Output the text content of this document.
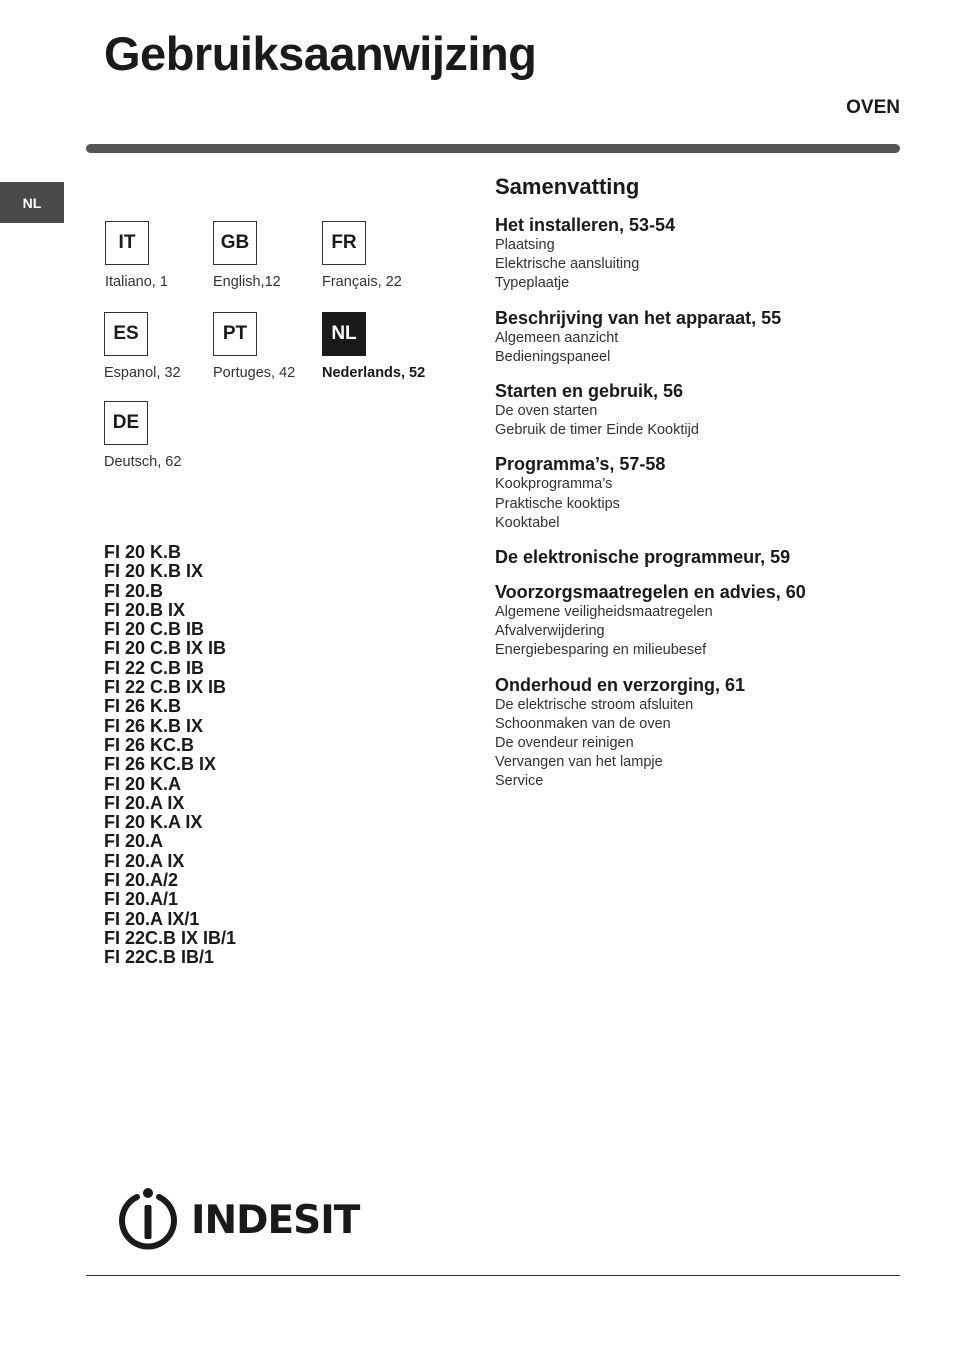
Gebruiksaanwijzing
OVEN
NL
IT
Italiano, 1
GB
English,12
FR
Français, 22
ES
Espanol, 32
PT
Portuges, 42
NL
Nederlands, 52
DE
Deutsch, 62
FI 20 K.B
FI 20 K.B IX
FI 20.B
FI 20.B IX
FI 20 C.B IB
FI 20 C.B IX IB
FI 22 C.B IB
FI 22 C.B IX IB
FI 26 K.B
FI 26 K.B IX
FI 26 KC.B
FI 26 KC.B IX
FI 20 K.A
FI 20.A IX
FI 20 K.A IX
FI 20.A
FI 20.A IX
FI 20.A/2
FI 20.A/1
FI 20.A IX/1
FI 22C.B IX IB/1
FI 22C.B IB/1
Samenvatting
Het installeren, 53-54
Plaatsing
Elektrische aansluiting
Typeplaatje
Beschrijving van het apparaat, 55
Algemeen aanzicht
Bedieningspaneel
Starten en gebruik, 56
De oven starten
Gebruik de timer Einde Kooktijd
Programma’s, 57-58
Kookprogramma’s
Praktische kooktips
Kooktabel
De elektronische programmeur, 59
Voorzorgsmaatregelen en advies, 60
Algemene veiligheidsmaatregelen
Afvalverwijdering
Energiebesparing en milieubesef
Onderhoud en verzorging, 61
De elektrische stroom afsluiten
Schoonmaken van de oven
De ovendeur reinigen
Vervangen van het lampje
Service
INDESIT
